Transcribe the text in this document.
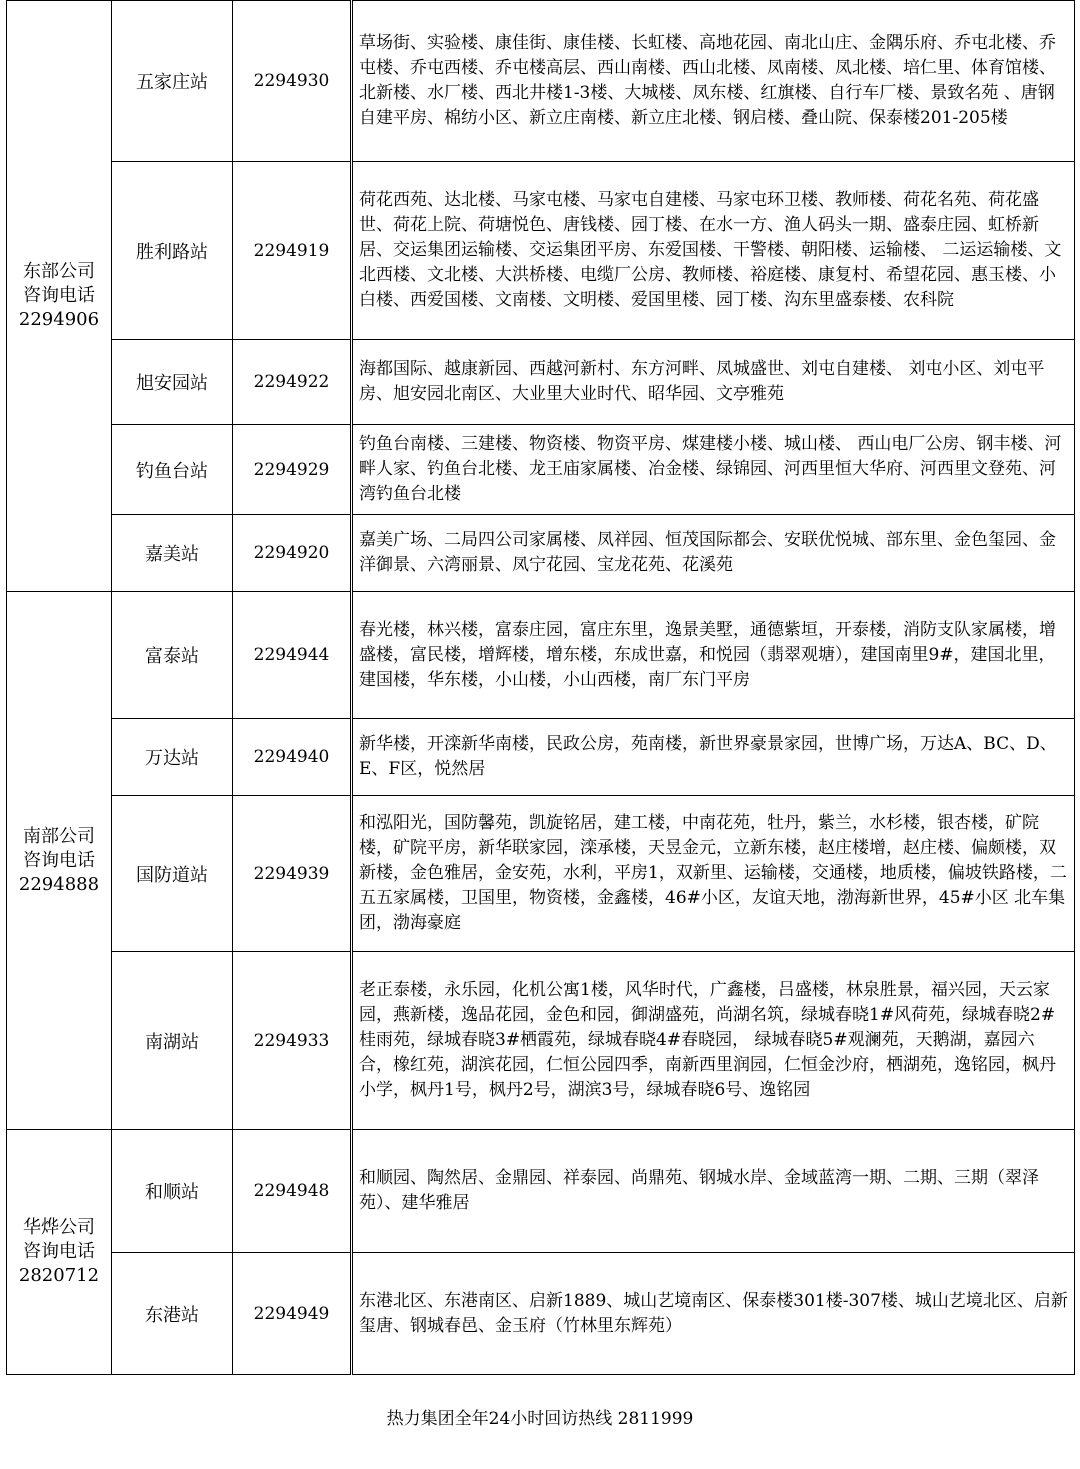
东部公司
咨询电话
2294906	五家庄站	2294930	草场街、实验楼、康佳街、康佳楼、长虹楼、高地花园、南北山庄、金隅乐府、乔屯北楼、乔屯楼、乔屯西楼、乔屯楼高层、西山南楼、西山北楼、凤南楼、凤北楼、培仁里、体育馆楼、北新楼、水厂楼、西北井楼1-3楼、大城楼、凤东楼、红旗楼、自行车厂楼、景致名苑 、唐钢自建平房、棉纺小区、新立庄南楼、新立庄北楼、钢启楼、叠山院、保泰楼201-205楼
	胜利路站	2294919	荷花西苑、达北楼、马家屯楼、马家屯自建楼、马家屯环卫楼、教师楼、荷花名苑、荷花盛世、荷花上院、荷塘悦色、唐钱楼、园丁楼、在水一方、渔人码头一期、盛泰庄园、虹桥新居、交运集团运输楼、交运集团平房、东爱国楼、干警楼、朝阳楼、运输楼、 二运运输楼、文北西楼、文北楼、大洪桥楼、电缆厂公房、教师楼、裕庭楼、康复村、希望花园、惠玉楼、小白楼、西爱国楼、文南楼、文明楼、爱国里楼、园丁楼、沟东里盛泰楼、农科院
	旭安园站	2294922	海都国际、越康新园、西越河新村、东方河畔、凤城盛世、刘屯自建楼、 刘屯小区、刘屯平房、旭安园北南区、大业里大业时代、昭华园、文亭雅苑
	钓鱼台站	2294929	钓鱼台南楼、三建楼、物资楼、物资平房、煤建楼小楼、城山楼、 西山电厂公房、钢丰楼、河畔人家、钓鱼台北楼、龙王庙家属楼、冶金楼、绿锦园、河西里恒大华府、河西里文登苑、河湾钓鱼台北楼
	嘉美站	2294920	嘉美广场、二局四公司家属楼、凤祥园、恒茂国际都会、安联优悦城、部东里、金色玺园、金洋御景、六湾丽景、凤宁花园、宝龙花苑、花溪苑

南部公司
咨询电话
2294888	富泰站	2294944	春光楼，林兴楼，富泰庄园，富庄东里，逸景美墅，通德紫垣，开泰楼，消防支队家属楼，增盛楼，富民楼，增辉楼，增东楼，东成世嘉，和悦园（翡翠观塘），建国南里9#，建国北里，建国楼，华东楼，小山楼，小山西楼，南厂东门平房
	万达站	2294940	新华楼，开滦新华南楼，民政公房，苑南楼，新世界豪景家园，世博广场，万达A、BC、D、E、F区，悦然居
	国防道站	2294939	和泓阳光，国防馨苑，凯旋铭居，建工楼，中南花苑，牡丹，紫兰，水杉楼，银杏楼，矿院楼，矿院平房，新华联家园，滦承楼，天昱金元，立新东楼，赵庄楼增，赵庄楼、偏颇楼，双新楼，金色雅居，金安苑，水利，平房1，双新里、运输楼，交通楼，地质楼，偏坡铁路楼，二五五家属楼，卫国里，物资楼，金鑫楼，46#小区，友谊天地，渤海新世界，45#小区 北车集团，渤海豪庭
	南湖站	2294933	老正泰楼，永乐园，化机公寓1楼，风华时代，广鑫楼，吕盛楼，林泉胜景，福兴园，天云家园，燕新楼，逸品花园，金色和园，御湖盛苑，尚湖名筑，绿城春晓1#风荷苑，绿城春晓2#桂雨苑，绿城春晓3#栖霞苑，绿城春晓4#春晓园， 绿城春晓5#观澜苑，天鹅湖，嘉园六合，橡红苑，湖滨花园，仁恒公园四季，南新西里润园，仁恒金沙府，栖湖苑，逸铭园，枫丹小学，枫丹1号，枫丹2号，湖滨3号，绿城春晓6号、逸铭园

华烨公司
咨询电话
2820712	和顺站	2294948	和顺园、陶然居、金鼎园、祥泰园、尚鼎苑、钢城水岸、金域蓝湾一期、二期、三期（翠泽苑）、建华雅居
	东港站	2294949	东港北区、东港南区、启新1889、城山艺境南区、保泰楼301楼-307楼、城山艺境北区、启新玺唐、钢城春邑、金玉府（竹林里东辉苑）
热力集团全年24小时回访热线 2811999
